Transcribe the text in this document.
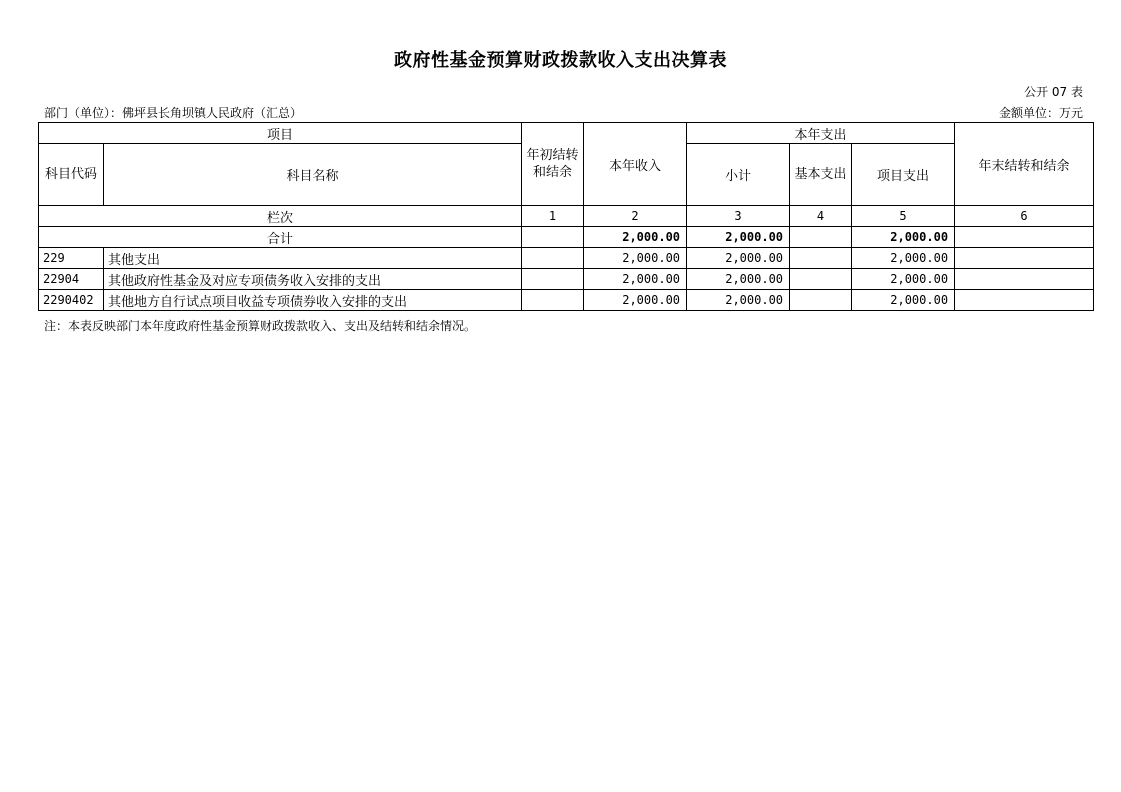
政府性基金预算财政拨款收入支出决算表
公开 07 表
部门（单位）：佛坪县长角坝镇人民政府（汇总）	金额单位：万元
项目		年初结转和结余	本年收入	本年支出			年末结转和结余
科目代码	科目名称			小计	基本支出	项目支出	
栏次		1	2	3	4	5	6
合计			2,000.00	2,000.00		2,000.00	
229	其他支出		2,000.00	2,000.00		2,000.00	
22904	其他政府性基金及对应专项债务收入安排的支出		2,000.00	2,000.00		2,000.00	
2290402	其他地方自行试点项目收益专项债券收入安排的支出		2,000.00	2,000.00		2,000.00	
注：本表反映部门本年度政府性基金预算财政拨款收入、支出及结转和结余情况。
